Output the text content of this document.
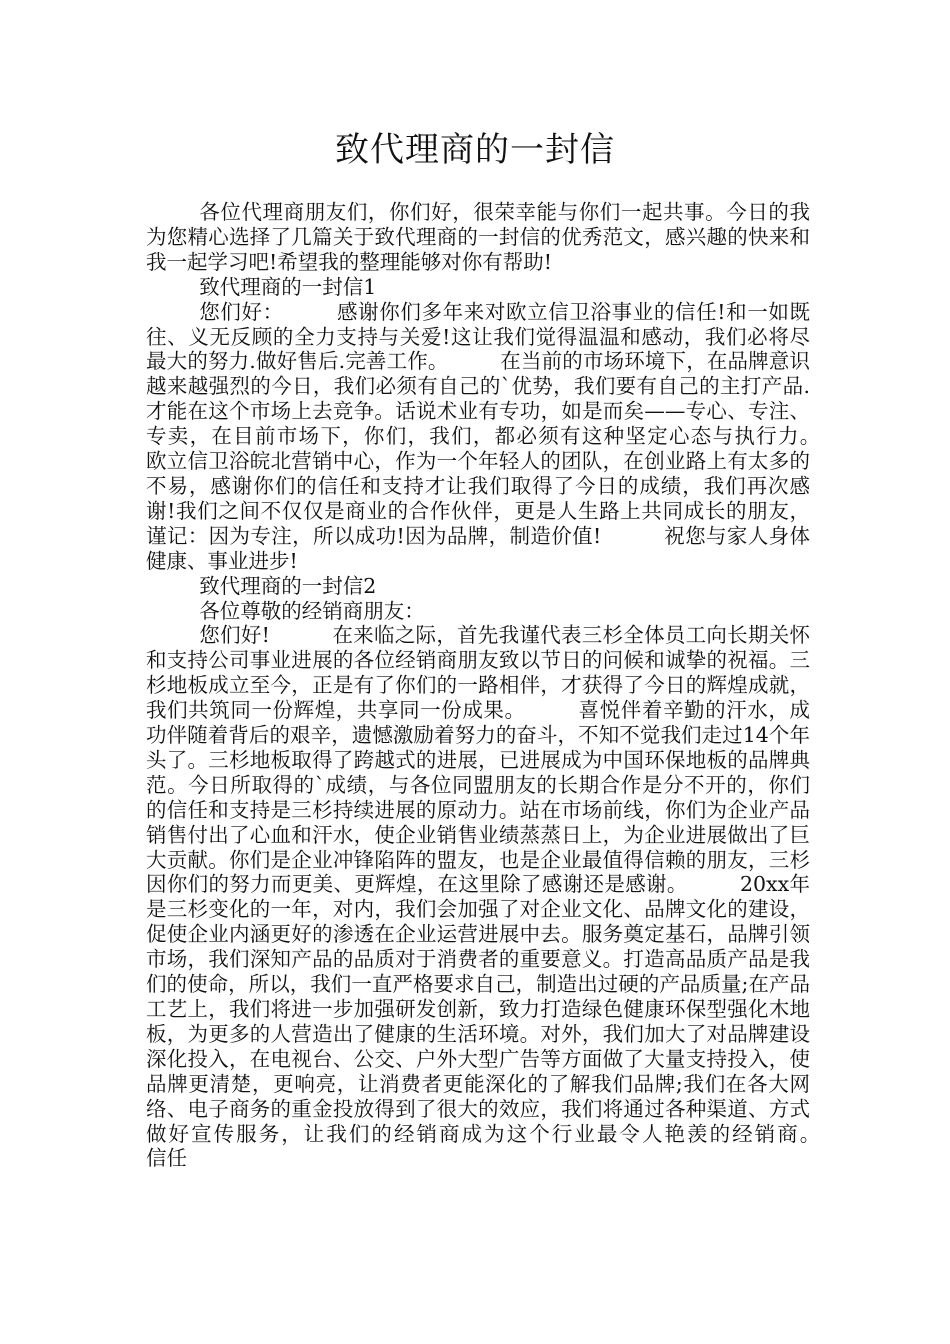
致代理商的一封信

各位代理商朋友们，你们好，很荣幸能与你们一起共事。今日的我为您精心选择了几篇关于致代理商的一封信的优秀范文，感兴趣的快来和我一起学习吧!希望我的整理能够对你有帮助!

致代理商的一封信1

您们好：　　　感谢你们多年来对欧立信卫浴事业的信任!和一如既往、义无反顾的全力支持与关爱!这让我们觉得温温和感动，我们必将尽最大的努力.做好售后.完善工作。　　　在当前的市场环境下，在品牌意识越来越强烈的今日，我们必须有自己的`优势，我们要有自己的主打产品.才能在这个市场上去竞争。话说术业有专功，如是而矣——专心、专注、专卖，在目前市场下，你们，我们，都必须有这种坚定心态与执行力。　　　欧立信卫浴皖北营销中心，作为一个年轻人的团队，在创业路上有太多的不易，感谢你们的信任和支持才让我们取得了今日的成绩，我们再次感谢!我们之间不仅仅是商业的合作伙伴，更是人生路上共同成长的朋友，谨记：因为专注，所以成功!因为品牌，制造价值!　　　祝您与家人身体健康、事业进步!

致代理商的一封信2

各位尊敬的经销商朋友：

您们好!　　　在来临之际，首先我谨代表三杉全体员工向长期关怀和支持公司事业进展的各位经销商朋友致以节日的问候和诚挚的祝福。三杉地板成立至今，正是有了你们的一路相伴，才获得了今日的辉煌成就，我们共筑同一份辉煌，共享同一份成果。　　　喜悦伴着辛勤的汗水，成功伴随着背后的艰辛，遗憾激励着努力的奋斗，不知不觉我们走过14个年头了。三杉地板取得了跨越式的进展，已进展成为中国环保地板的品牌典范。今日所取得的`成绩，与各位同盟朋友的长期合作是分不开的，你们的信任和支持是三杉持续进展的原动力。站在市场前线，你们为企业产品销售付出了心血和汗水，使企业销售业绩蒸蒸日上，为企业进展做出了巨大贡献。你们是企业冲锋陷阵的盟友，也是企业最值得信赖的朋友，三杉因你们的努力而更美、更辉煌，在这里除了感谢还是感谢。　　　20xx年是三杉变化的一年，对内，我们会加强了对企业文化、品牌文化的建设，促使企业内涵更好的渗透在企业运营进展中去。服务奠定基石，品牌引领市场，我们深知产品的品质对于消费者的重要意义。打造高品质产品是我们的使命，所以，我们一直严格要求自己，制造出过硬的产品质量;在产品工艺上，我们将进一步加强研发创新，致力打造绿色健康环保型强化木地板，为更多的人营造出了健康的生活环境。对外，我们加大了对品牌建设深化投入，在电视台、公交、户外大型广告等方面做了大量支持投入，使品牌更清楚，更响亮，让消费者更能深化的了解我们品牌;我们在各大网络、电子商务的重金投放得到了很大的效应，我们将通过各种渠道、方式做好宣传服务，让我们的经销商成为这个行业最令人艳羡的经销商。　　　信任
